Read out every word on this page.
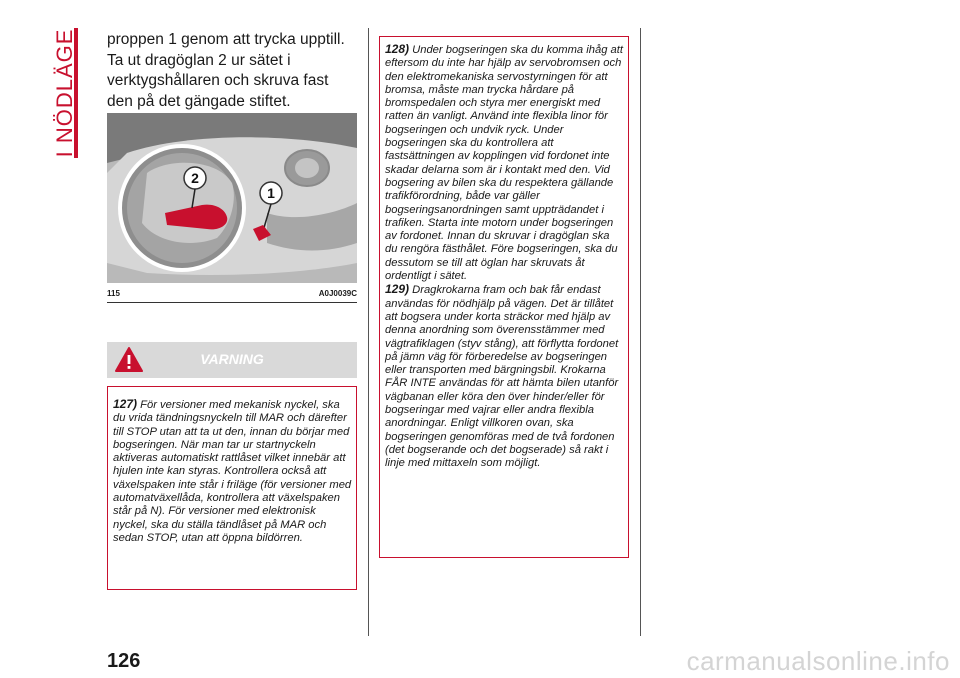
I NÖDLÄGE proppen 1 genom att trycka upptill. Ta ut dragöglan 2 ur sätet i verktygshållaren och skruva fast den på det gängade stiftet.
2
1
115	A0J0039C
VARNING

127) För versioner med mekanisk nyckel, ska du vrida tändningsnyckeln till MAR och därefter till STOP utan att ta ut den, innan du börjar med bogseringen. När man tar ur startnyckeln aktiveras automatiskt rattlåset vilket innebär att hjulen inte kan styras. Kontrollera också att växelspaken inte står i friläge (för versioner med automatväxellåda, kontrollera att växelspaken står på N). För versioner med elektronisk nyckel, ska du ställa tändlåset på MAR och sedan STOP, utan att öppna bildörren.

128) Under bogseringen ska du komma ihåg att eftersom du inte har hjälp av servobromsen och den elektromekaniska servostyrningen för att bromsa, måste man trycka hårdare på bromspedalen och styra mer energiskt med ratten än vanligt. Använd inte flexibla linor för bogseringen och undvik ryck. Under bogseringen ska du kontrollera att fastsättningen av kopplingen vid fordonet inte skadar delarna som är i kontakt med den. Vid bogsering av bilen ska du respektera gällande trafikförordning, både var gäller bogseringsanordningen samt uppträdandet i trafiken. Starta inte motorn under bogseringen av fordonet. Innan du skruvar i dragöglan ska du rengöra fästhålet. Före bogseringen, ska du dessutom se till att öglan har skruvats åt ordentligt i sätet.

129) Dragkrokarna fram och bak får endast användas för nödhjälp på vägen. Det är tillåtet att bogsera under korta sträckor med hjälp av denna anordning som överensstämmer med vägtrafiklagen (styv stång), att förflytta fordonet på jämn väg för förberedelse av bogseringen eller transporten med bärgningsbil. Krokarna FÅR INTE användas för att hämta bilen utanför vägbanan eller köra den över hinder/eller för bogseringar med vajrar eller andra flexibla anordningar. Enligt villkoren ovan, ska bogseringen genomföras med de två fordonen (det bogserande och det bogserade) så rakt i linje med mittaxeln som möjligt.

126	carmanualsonline.info
